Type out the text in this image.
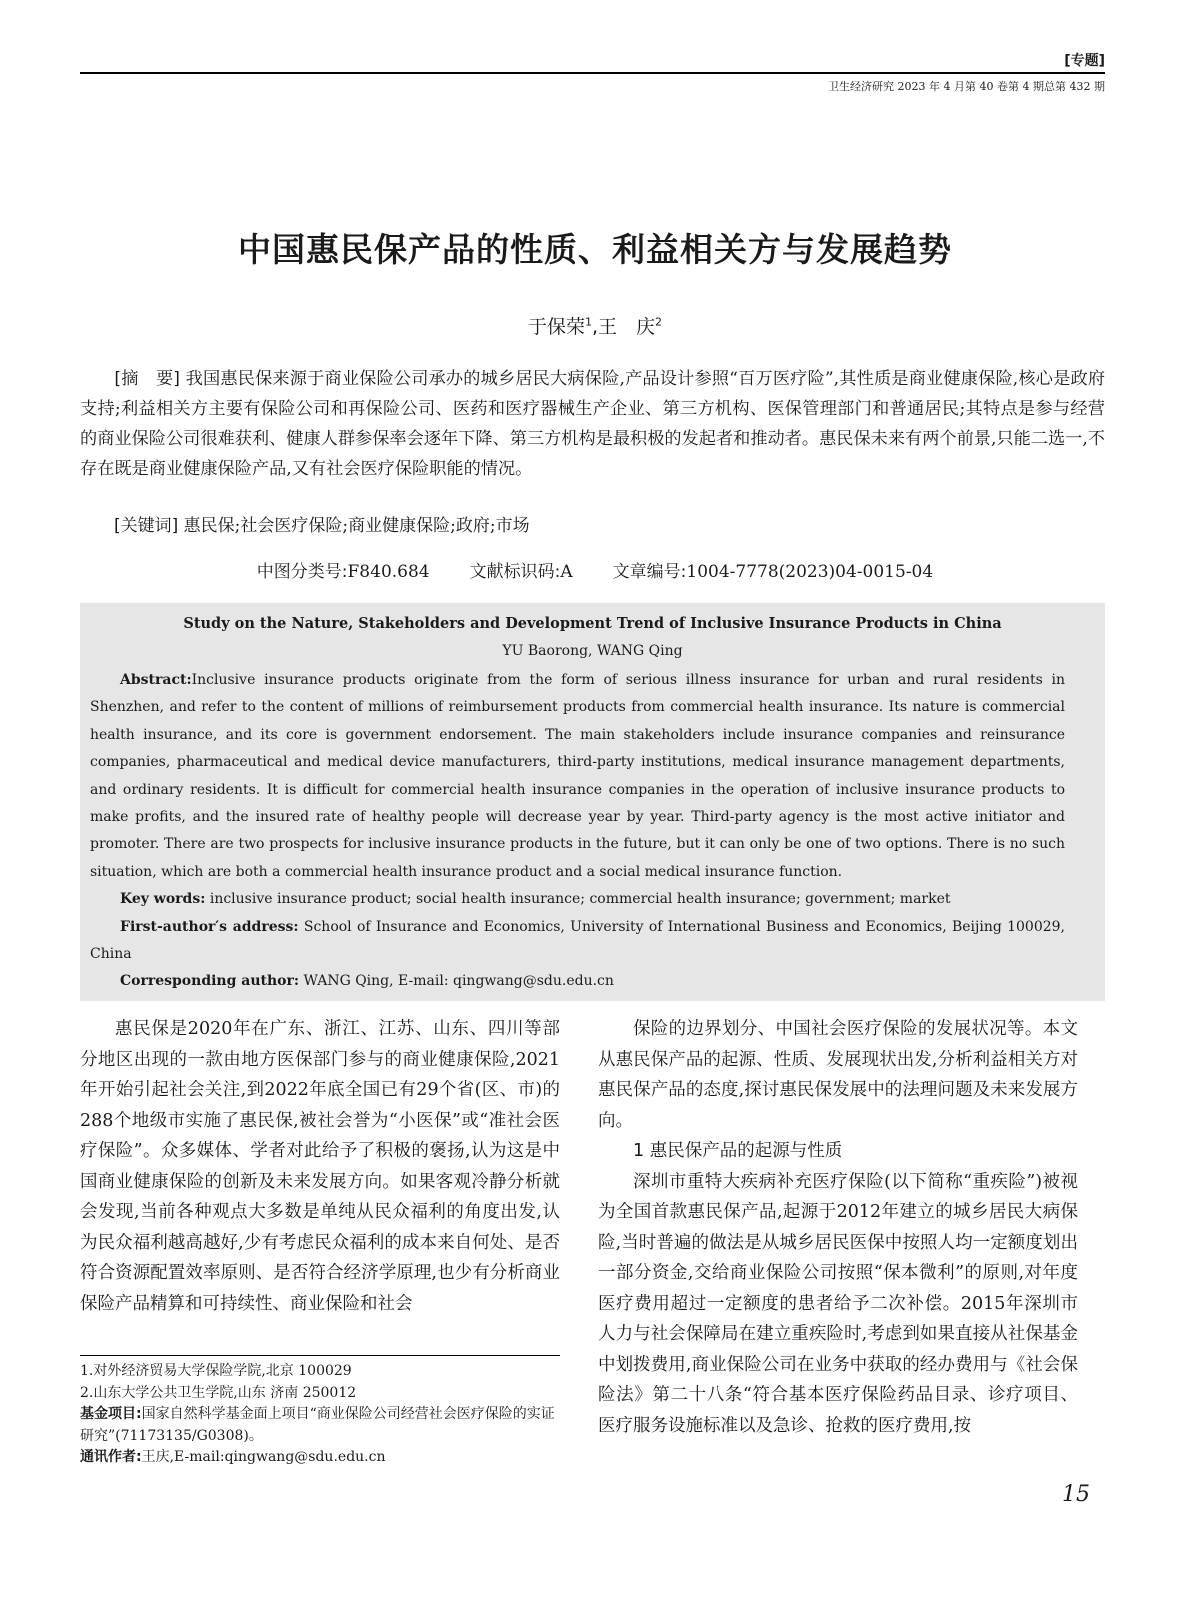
[专题]
卫生经济研究 2023 年 4 月第 40 卷第 4 期总第 432 期
中国惠民保产品的性质、利益相关方与发展趋势
于保荣$^1$,王　庆$^2$

[摘　要] 我国惠民保来源于商业保险公司承办的城乡居民大病保险,产品设计参照“百万医疗险”,其性质是商业健康保险,核心是政府支持;利益相关方主要有保险公司和再保险公司、医药和医疗器械生产企业、第三方机构、医保管理部门和普通居民;其特点是参与经营的商业保险公司很难获利、健康人群参保率会逐年下降、第三方机构是最积极的发起者和推动者。惠民保未来有两个前景,只能二选一,不存在既是商业健康保险产品,又有社会医疗保险职能的情况。

[关键词] 惠民保;社会医疗保险;商业健康保险;政府;市场
中图分类号:F840.684 文献标识码:A 文章编号:1004-7778(2023)04-0015-04
Study on the Nature, Stakeholders and Development Trend of Inclusive Insurance Products in China
YU Baorong, WANG Qing

Abstract:Inclusive insurance products originate from the form of serious illness insurance for urban and rural residents in Shenzhen, and refer to the content of millions of reimbursement products from commercial health insurance. Its nature is commercial health insurance, and its core is government endorsement. The main stakeholders include insurance companies and reinsurance companies, pharmaceutical and medical device manufacturers, third-party institutions, medical insurance management departments, and ordinary residents. It is difficult for commercial health insurance companies in the operation of inclusive insurance products to make profits, and the insured rate of healthy people will decrease year by year. Third-party agency is the most active initiator and promoter. There are two prospects for inclusive insurance products in the future, but it can only be one of two options. There is no such situation, which are both a commercial health insurance product and a social medical insurance function.

Key words: inclusive insurance product; social health insurance; commercial health insurance; government; market

First-author′s address: School of Insurance and Economics, University of International Business and Economics, Beijing 100029, China

Corresponding author: WANG Qing, E-mail: qingwang@sdu.edu.cn

惠民保是2020年在广东、浙江、江苏、山东、四川等部分地区出现的一款由地方医保部门参与的商业健康保险,2021年开始引起社会关注,到2022年底全国已有29个省(区、市)的288个地级市实施了惠民保,被社会誉为“小医保”或“准社会医疗保险”。众多媒体、学者对此给予了积极的褒扬,认为这是中国商业健康保险的创新及未来发展方向。如果客观冷静分析就会发现,当前各种观点大多数是单纯从民众福利的角度出发,认为民众福利越高越好,少有考虑民众福利的成本来自何处、是否符合资源配置效率原则、是否符合经济学原理,也少有分析商业保险产品精算和可持续性、商业保险和社会

保险的边界划分、中国社会医疗保险的发展状况等。本文从惠民保产品的起源、性质、发展现状出发,分析利益相关方对惠民保产品的态度,探讨惠民保发展中的法理问题及未来发展方向。

1 惠民保产品的起源与性质

深圳市重特大疾病补充医疗保险(以下简称“重疾险”)被视为全国首款惠民保产品,起源于2012年建立的城乡居民大病保险,当时普遍的做法是从城乡居民医保中按照人均一定额度划出一部分资金,交给商业保险公司按照“保本微利”的原则,对年度医疗费用超过一定额度的患者给予二次补偿。2015年深圳市人力与社会保障局在建立重疾险时,考虑到如果直接从社保基金中划拨费用,商业保险公司在业务中获取的经办费用与《社会保险法》第二十八条“符合基本医疗保险药品目录、诊疗项目、医疗服务设施标准以及急诊、抢救的医疗费用,按

1.对外经济贸易大学保险学院,北京 100029
2.山东大学公共卫生学院,山东 济南 250012
基金项目:国家自然科学基金面上项目“商业保险公司经营社会医疗保险的实证研究”(71173135/G0308)。
通讯作者:王庆,E-mail:qingwang@sdu.edu.cn
15
